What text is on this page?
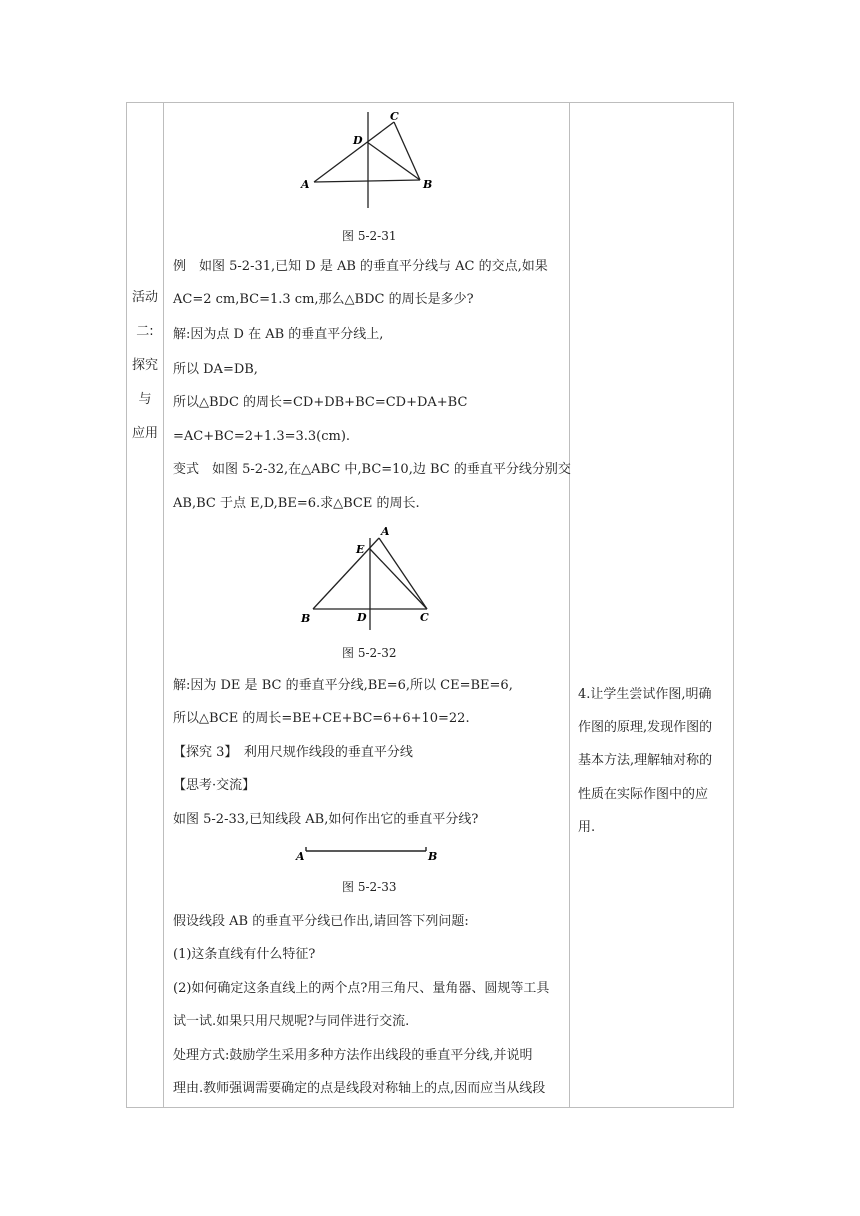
活动
二:
探究
与
应用
A	B
C
D
图 5-2-31
例　如图 5-2-31,已知 D 是 AB 的垂直平分线与 AC 的交点,如果
AC=2 cm,BC=1.3 cm,那么△BDC 的周长是多少?
解:因为点 D 在 AB 的垂直平分线上,
所以 DA=DB,
所以△BDC 的周长=CD+DB+BC=CD+DA+BC
=AC+BC=2+1.3=3.3(cm).
变式　如图 5-2-32,在△ABC 中,BC=10,边 BC 的垂直平分线分别交
AB,BC 于点 E,D,BE=6.求△BCE 的周长.
A
B	C
D
E
图 5-2-32
解:因为 DE 是 BC 的垂直平分线,BE=6,所以 CE=BE=6,
所以△BCE 的周长=BE+CE+BC=6+6+10=22.
【探究 3】　利用尺规作线段的垂直平分线
【思考·交流】
如图 5-2-33,已知线段 AB,如何作出它的垂直平分线?
A	B
图 5-2-33
假设线段 AB 的垂直平分线已作出,请回答下列问题:
(1)这条直线有什么特征?
(2)如何确定这条直线上的两个点?用三角尺、量角器、圆规等工具
试一试.如果只用尺规呢?与同伴进行交流.
处理方式:鼓励学生采用多种方法作出线段的垂直平分线,并说明
理由.教师强调需要确定的点是线段对称轴上的点,因而应当从线段
4.让学生尝试作图,明确
作图的原理,发现作图的
基本方法,理解轴对称的
性质在实际作图中的应
用.
